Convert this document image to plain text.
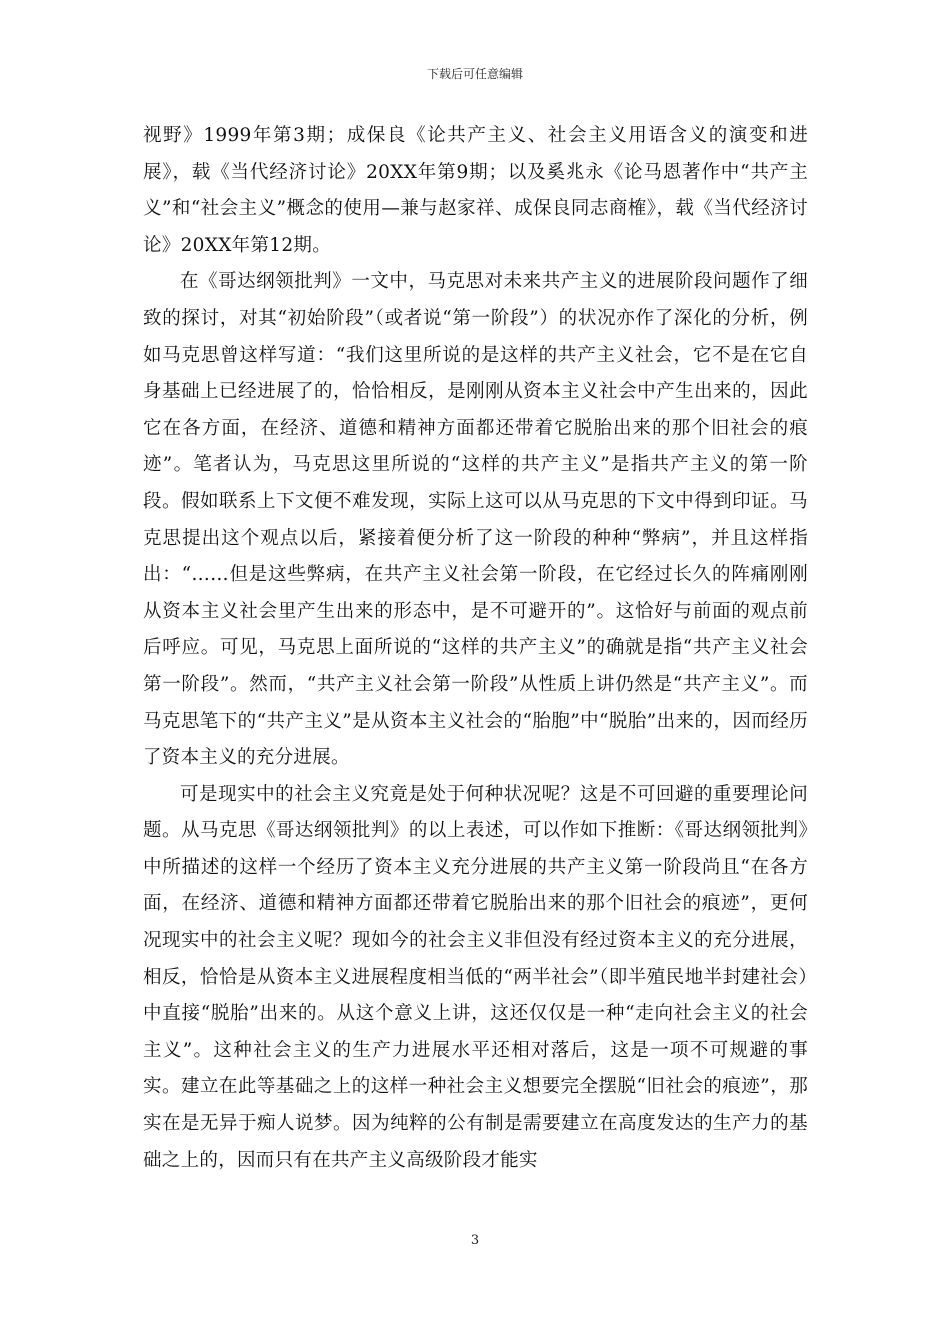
下载后可任意编辑

视野》1999年第3期；成保良《论共产主义、社会主义用语含义的演变和进展》，载《当代经济讨论》20XX年第9期；以及奚兆永《论马恩著作中“共产主义”和“社会主义”概念的使用—兼与赵家祥、成保良同志商榷》，载《当代经济讨论》20XX年第12期。

在《哥达纲领批判》一文中，马克思对未来共产主义的进展阶段问题作了细致的探讨，对其“初始阶段”（或者说“第一阶段”）的状况亦作了深化的分析，例如马克思曾这样写道：“我们这里所说的是这样的共产主义社会，它不是在它自身基础上已经进展了的，恰恰相反，是刚刚从资本主义社会中产生出来的，因此它在各方面，在经济、道德和精神方面都还带着它脱胎出来的那个旧社会的痕迹”。笔者认为，马克思这里所说的“这样的共产主义”是指共产主义的第一阶段。假如联系上下文便不难发现，实际上这可以从马克思的下文中得到印证。马克思提出这个观点以后，紧接着便分析了这一阶段的种种“弊病”，并且这样指出：“……但是这些弊病，在共产主义社会第一阶段，在它经过长久的阵痛刚刚从资本主义社会里产生出来的形态中，是不可避开的”。这恰好与前面的观点前后呼应。可见，马克思上面所说的“这样的共产主义”的确就是指“共产主义社会第一阶段”。然而，“共产主义社会第一阶段”从性质上讲仍然是“共产主义”。而马克思笔下的“共产主义”是从资本主义社会的“胎胞”中“脱胎”出来的，因而经历了资本主义的充分进展。

可是现实中的社会主义究竟是处于何种状况呢？这是不可回避的重要理论问题。从马克思《哥达纲领批判》的以上表述，可以作如下推断：《哥达纲领批判》中所描述的这样一个经历了资本主义充分进展的共产主义第一阶段尚且“在各方面，在经济、道德和精神方面都还带着它脱胎出来的那个旧社会的痕迹”，更何况现实中的社会主义呢？现如今的社会主义非但没有经过资本主义的充分进展，相反，恰恰是从资本主义进展程度相当低的“两半社会”（即半殖民地半封建社会）中直接“脱胎”出来的。从这个意义上讲，这还仅仅是一种“走向社会主义的社会主义”。这种社会主义的生产力进展水平还相对落后，这是一项不可规避的事实。建立在此等基础之上的这样一种社会主义想要完全摆脱“旧社会的痕迹”，那实在是无异于痴人说梦。因为纯粹的公有制是需要建立在高度发达的生产力的基础之上的，因而只有在共产主义高级阶段才能实

3
